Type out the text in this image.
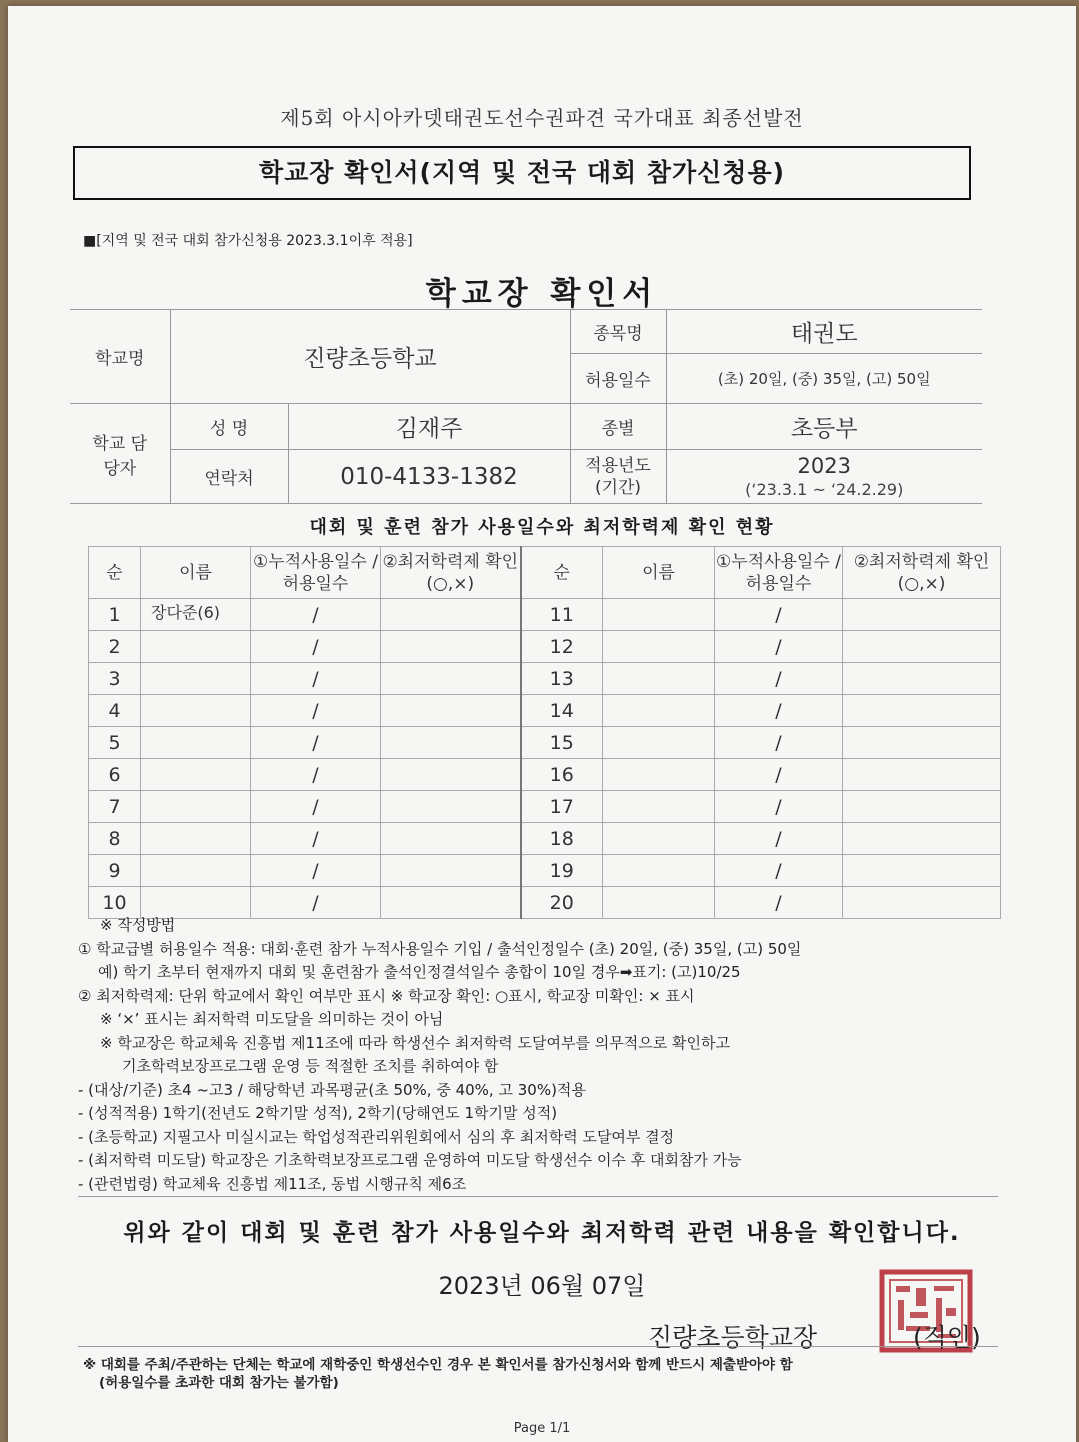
제5회 아시아카뎃태권도선수권파견 국가대표 최종선발전
학교장 확인서(지역 및 전국 대회 참가신청용)
■[지역 및 전국 대회 참가신청용 2023.3.1이후 적용]
학교장 확인서
학교명	진량초등학교		종목명	태권도
			허용일수	(초) 20일, (중) 35일, (고) 50일
학교 담당자	성 명	김재주	종별	초등부
	연락처	010-4133-1382	적용년도 (기간)	2023
(‘23.3.1 ~ ‘24.2.29)
대회 및 훈련 참가 사용일수와 최저학력제 확인 현황
순	이름	①누적사용일수 /허용일수	②최저학력제 확인(○,×)	순	이름	①누적사용일수 /허용일수	②최저학력제 확인(○,×)
1	장다준(6)	/		11		/	
2		/		12		/	
3		/		13		/	
4		/		14		/	
5		/		15		/	
6		/		16		/	
7		/		17		/	
8		/		18		/	
9		/		19		/	
10		/		20		/	

※ 작성방법

① 학교급별 허용일수 적용: 대회·훈련 참가 누적사용일수 기입 / 출석인정일수 (초) 20일, (중) 35일, (고) 50일

예) 학기 초부터 현재까지 대회 및 훈련참가 출석인정결석일수 총합이 10일 경우➡표기: (고)10/25

② 최저학력제: 단위 학교에서 확인 여부만 표시 ※ 학교장 확인: ○표시, 학교장 미확인: × 표시

※ ‘×’ 표시는 최저학력 미도달을 의미하는 것이 아님

※ 학교장은 학교체육 진흥법 제11조에 따라 학생선수 최저학력 도달여부를 의무적으로 확인하고

기초학력보장프로그램 운영 등 적절한 조치를 취하여야 함

- (대상/기준) 초4 ~고3 / 해당학년 과목평균(초 50%, 중 40%, 고 30%)적용

- (성적적용) 1학기(전년도 2학기말 성적), 2학기(당해연도 1학기말 성적)

- (초등학교) 지필고사 미실시교는 학업성적관리위원회에서 심의 후 최저학력 도달여부 결정

- (최저학력 미도달) 학교장은 기초학력보장프로그램 운영하여 미도달 학생선수 이수 후 대회참가 가능

- (관련법령) 학교체육 진흥법 제11조, 동법 시행규칙 제6조

위와 같이 대회 및 훈련 참가 사용일수와 최저학력 관련 내용을 확인합니다.
2023년 06월 07일
진량초등학교장	(직인)

※ 대회를 주최/주관하는 단체는 학교에 재학중인 학생선수인 경우 본 확인서를 참가신청서와 함께 반드시 제출받아야 함

(허용일수를 초과한 대회 참가는 불가함)

Page 1/1
